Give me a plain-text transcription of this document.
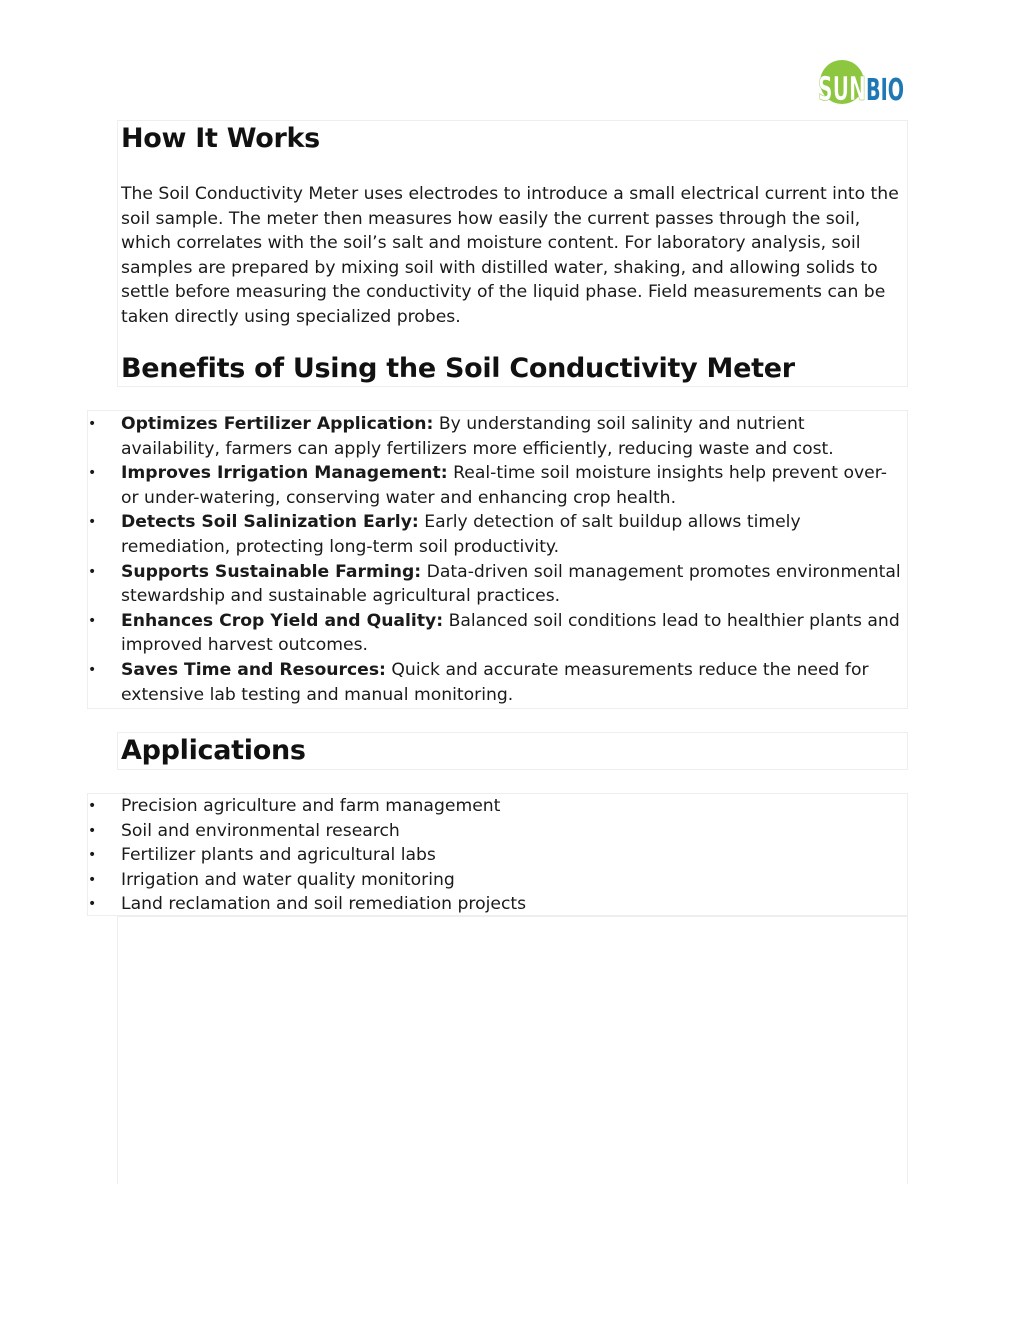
SUN BIO
How It Works

The Soil Conductivity Meter uses electrodes to introduce a small electrical current into the soil sample. The meter then measures how easily the current passes through the soil, which correlates with the soil’s salt and moisture content. For laboratory analysis, soil samples are prepared by mixing soil with distilled water, shaking, and allowing solids to settle before measuring the conductivity of the liquid phase. Field measurements can be taken directly using specialized probes.

Benefits of Using the Soil Conductivity Meter
• Optimizes Fertilizer Application: By understanding soil salinity and nutrient availability, farmers can apply fertilizers more efficiently, reducing waste and cost.
• Improves Irrigation Management: Real-time soil moisture insights help prevent over- or under-watering, conserving water and enhancing crop health.
• Detects Soil Salinization Early: Early detection of salt buildup allows timely remediation, protecting long-term soil productivity.
• Supports Sustainable Farming: Data-driven soil management promotes environmental stewardship and sustainable agricultural practices.
• Enhances Crop Yield and Quality: Balanced soil conditions lead to healthier plants and improved harvest outcomes.
• Saves Time and Resources: Quick and accurate measurements reduce the need for extensive lab testing and manual monitoring.
Applications
• Precision agriculture and farm management
• Soil and environmental research
• Fertilizer plants and agricultural labs
• Irrigation and water quality monitoring
• Land reclamation and soil remediation projects
